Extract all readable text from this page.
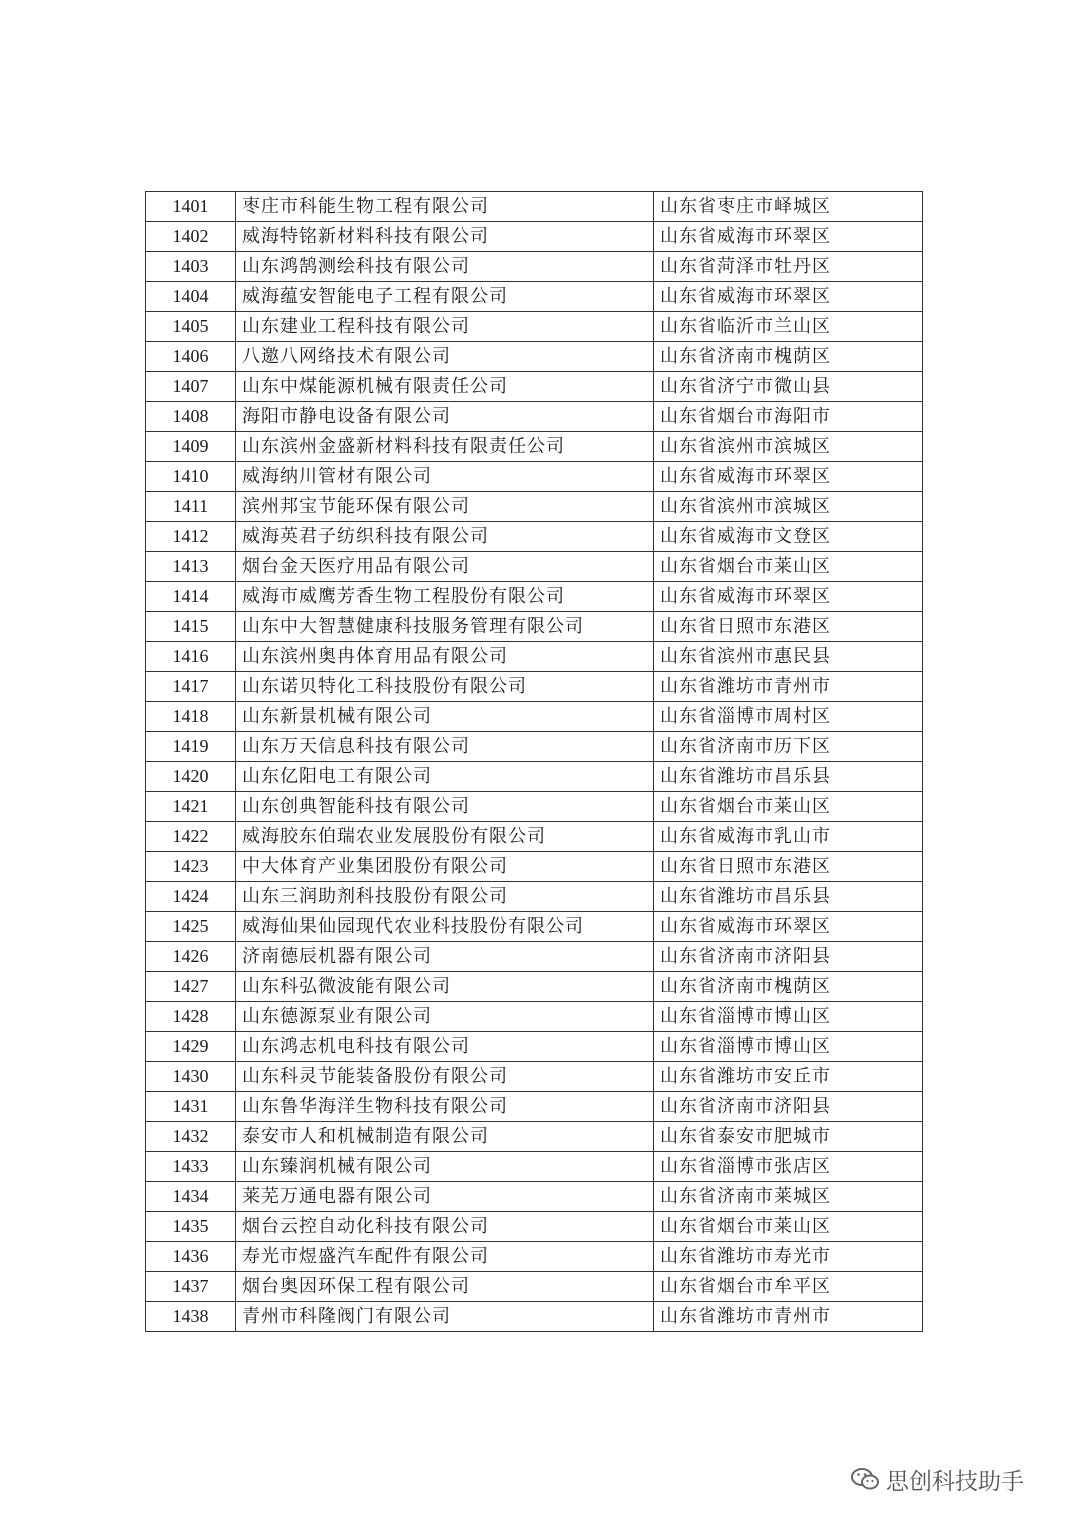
1401	枣庄市科能生物工程有限公司	山东省枣庄市峄城区
1402	威海特铭新材料科技有限公司	山东省威海市环翠区
1403	山东鸿鹄测绘科技有限公司	山东省菏泽市牡丹区
1404	威海蕴安智能电子工程有限公司	山东省威海市环翠区
1405	山东建业工程科技有限公司	山东省临沂市兰山区
1406	八邀八网络技术有限公司	山东省济南市槐荫区
1407	山东中煤能源机械有限责任公司	山东省济宁市微山县
1408	海阳市静电设备有限公司	山东省烟台市海阳市
1409	山东滨州金盛新材料科技有限责任公司	山东省滨州市滨城区
1410	威海纳川管材有限公司	山东省威海市环翠区
1411	滨州邦宝节能环保有限公司	山东省滨州市滨城区
1412	威海英君子纺织科技有限公司	山东省威海市文登区
1413	烟台金天医疗用品有限公司	山东省烟台市莱山区
1414	威海市威鹰芳香生物工程股份有限公司	山东省威海市环翠区
1415	山东中大智慧健康科技服务管理有限公司	山东省日照市东港区
1416	山东滨州奥冉体育用品有限公司	山东省滨州市惠民县
1417	山东诺贝特化工科技股份有限公司	山东省潍坊市青州市
1418	山东新景机械有限公司	山东省淄博市周村区
1419	山东万天信息科技有限公司	山东省济南市历下区
1420	山东亿阳电工有限公司	山东省潍坊市昌乐县
1421	山东创典智能科技有限公司	山东省烟台市莱山区
1422	威海胶东伯瑞农业发展股份有限公司	山东省威海市乳山市
1423	中大体育产业集团股份有限公司	山东省日照市东港区
1424	山东三润助剂科技股份有限公司	山东省潍坊市昌乐县
1425	威海仙果仙园现代农业科技股份有限公司	山东省威海市环翠区
1426	济南德辰机器有限公司	山东省济南市济阳县
1427	山东科弘微波能有限公司	山东省济南市槐荫区
1428	山东德源泵业有限公司	山东省淄博市博山区
1429	山东鸿志机电科技有限公司	山东省淄博市博山区
1430	山东科灵节能装备股份有限公司	山东省潍坊市安丘市
1431	山东鲁华海洋生物科技有限公司	山东省济南市济阳县
1432	泰安市人和机械制造有限公司	山东省泰安市肥城市
1433	山东臻润机械有限公司	山东省淄博市张店区
1434	莱芜万通电器有限公司	山东省济南市莱城区
1435	烟台云控自动化科技有限公司	山东省烟台市莱山区
1436	寿光市煜盛汽车配件有限公司	山东省潍坊市寿光市
1437	烟台奥因环保工程有限公司	山东省烟台市牟平区
1438	青州市科隆阀门有限公司	山东省潍坊市青州市
思创科技助手
